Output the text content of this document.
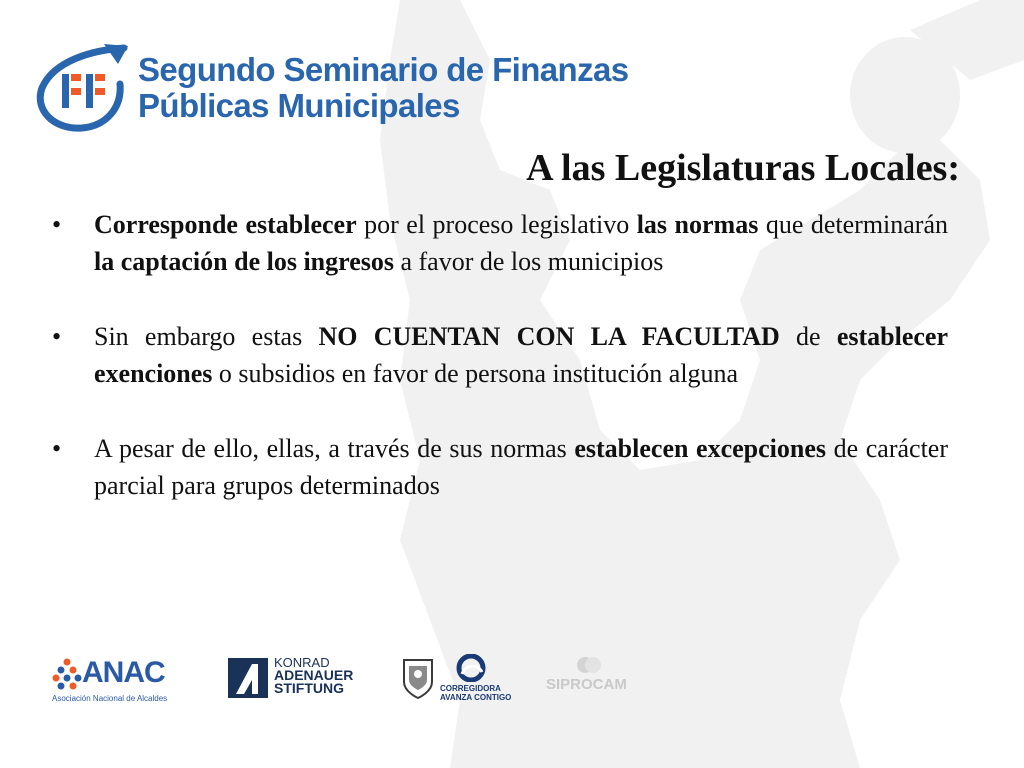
Segundo Seminario de Finanzas
Públicas Municipales
A las Legislaturas Locales:
• Corresponde establecer por el proceso legislativo las normas que determinarán la captación de los ingresos a favor de los municipios
• Sin embargo estas NO CUENTAN CON LA FACULTAD de establecer exenciones o subsidios en favor de persona institución alguna
• A pesar de ello, ellas, a través de sus normas establecen excepciones de carácter parcial para grupos determinados
ANAC
Asociación Nacional de Alcaldes
KONRAD
ADENAUER
STIFTUNG	CORREGIDORA
AVANZA CONTIGO
SIPROCAM
